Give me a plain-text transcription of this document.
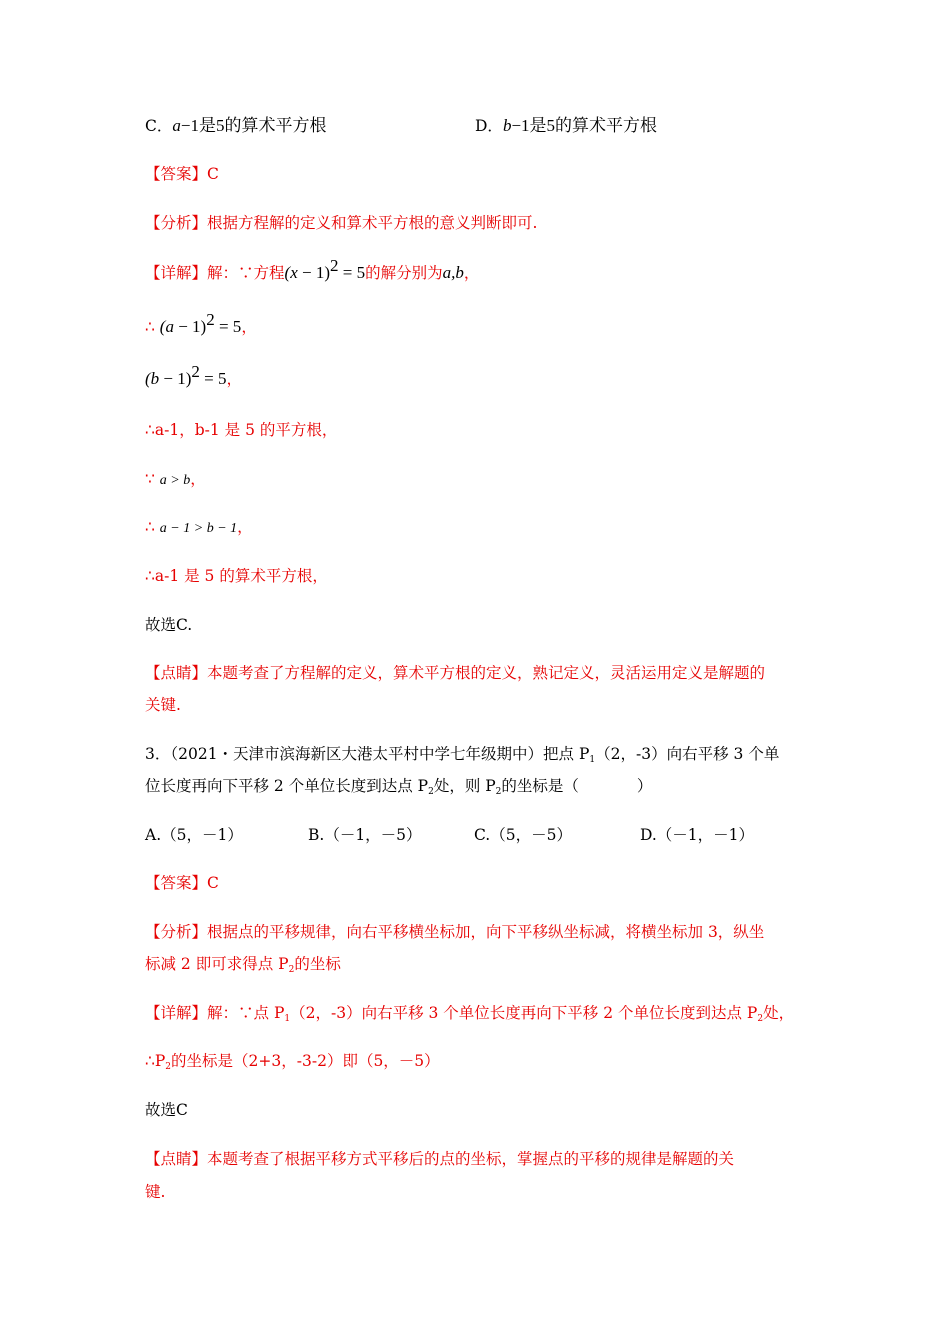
C．a−1是5的算术平方根	D．b−1是5的算术平方根
【答案】C
【分析】根据方程解的定义和算术平方根的意义判断即可.
【详解】解：∵方程$(x - 1)^2 = 5$的解分别为a,b，
∴ $(a - 1)^2 = 5$，
$(b - 1)^2 = 5$，
∴a-1，b-1 是 5 的平方根，
∵ a > b，
∴ a − 1 > b − 1，
∴a-1 是 5 的算术平方根，
故选C.
【点睛】本题考查了方程解的定义，算术平方根的定义，熟记定义，灵活运用定义是解题的
关键.
3．（2021・天津市滨海新区大港太平村中学七年级期中）把点 $P_1(2$，-3）向右平移 3 个单
位长度再向下平移 2 个单位长度到达点 $P_2$处，则 $P_2$的坐标是（	）
A.（5，－1）	B.（－1，－5）	C.（5，－5）	D.（－1，－1）
【答案】C
【分析】根据点的平移规律，向右平移横坐标加，向下平移纵坐标减，将横坐标加 3，纵坐
标减 2 即可求得点 $P_2$的坐标
【详解】解：∵点 $P_1(2$，-3）向右平移 3 个单位长度再向下平移 2 个单位长度到达点 $P_2$处，
$\therefore P_2$的坐标是（2+3，-3-2）即（5，－5）
故选C
【点睛】本题考查了根据平移方式平移后的点的坐标，掌握点的平移的规律是解题的关
键.
